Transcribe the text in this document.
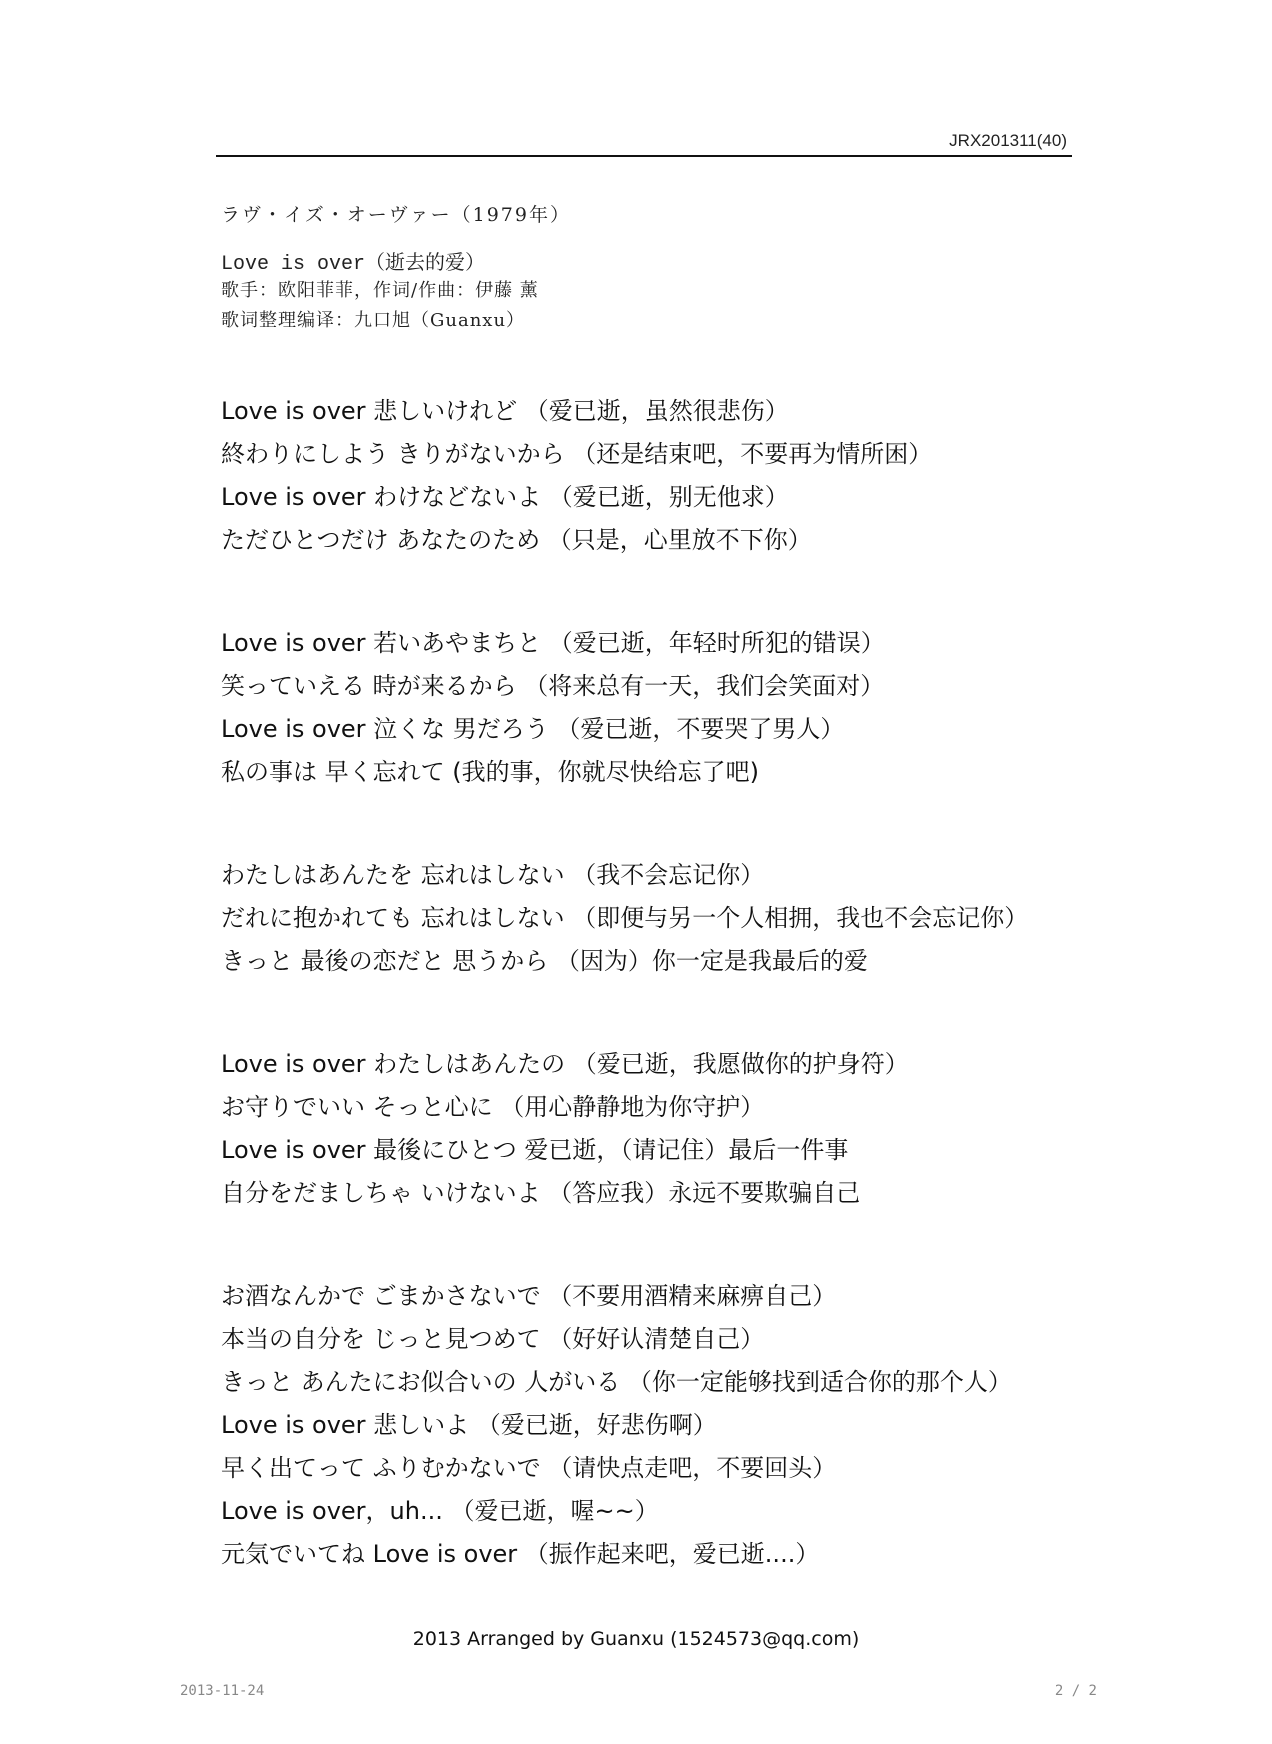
JRX201311(40)
ラヴ・イズ・オーヴァー（1979年）
Love is over（逝去的爱）
歌手：欧阳菲菲，作词/作曲：伊藤 薰
歌词整理编译：九口旭（Guanxu）
Love is over 悲しいけれど （爱已逝，虽然很悲伤）
終わりにしよう きりがないから （还是结束吧，不要再为情所困）
Love is over わけなどないよ （爱已逝，别无他求）
ただひとつだけ あなたのため （只是，心里放不下你）
Love is over 若いあやまちと （爱已逝，年轻时所犯的错误）
笑っていえる 時が来るから （将来总有一天，我们会笑面对）
Love is over 泣くな 男だろう （爱已逝，不要哭了男人）
私の事は 早く忘れて (我的事，你就尽快给忘了吧)
わたしはあんたを 忘れはしない （我不会忘记你）
だれに抱かれても 忘れはしない （即便与另一个人相拥，我也不会忘记你）
きっと 最後の恋だと 思うから （因为）你一定是我最后的爱
Love is over わたしはあんたの （爱已逝，我愿做你的护身符）
お守りでいい そっと心に （用心静静地为你守护）
Love is over 最後にひとつ 爱已逝，（请记住）最后一件事
自分をだましちゃ いけないよ （答应我）永远不要欺骗自己
お酒なんかで ごまかさないで （不要用酒精来麻痹自己）
本当の自分を じっと見つめて （好好认清楚自己）
きっと あんたにお似合いの 人がいる （你一定能够找到适合你的那个人）
Love is over 悲しいよ （爱已逝，好悲伤啊）
早く出てって ふりむかないで （请快点走吧，不要回头）
Love is over，uh... （爱已逝，喔~~）
元気でいてね Love is over （振作起来吧，爱已逝....）
2013 Arranged by Guanxu (1524573@qq.com)
2013-11-24	2 / 2
